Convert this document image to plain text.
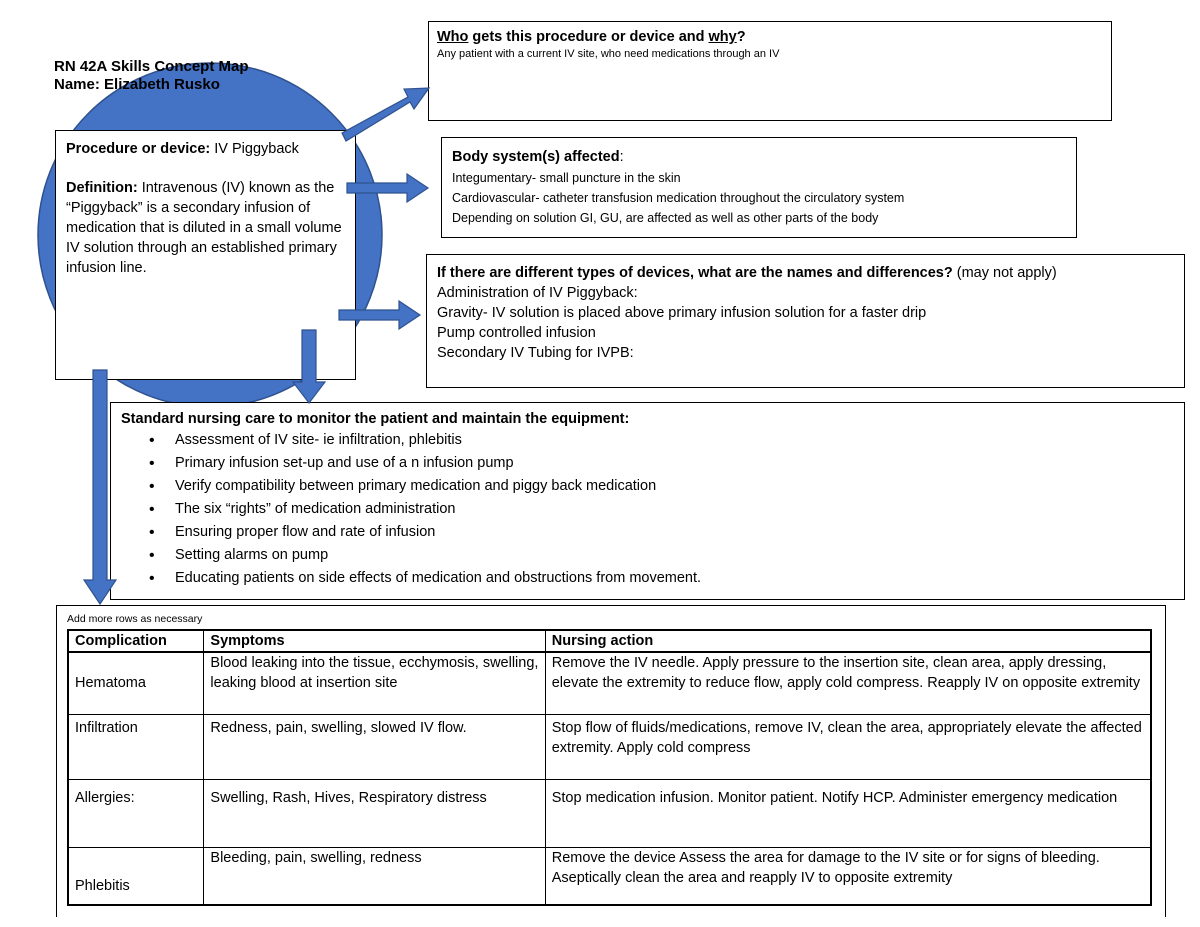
RN 42A Skills Concept Map
Name: Elizabeth Rusko
Procedure or device: IV Piggyback
Definition: Intravenous (IV) known as the “Piggyback” is a secondary infusion of medication that is diluted in a small volume IV solution through an established primary infusion line.
Who gets this procedure or device and why?
Any patient with a current IV site, who need medications through an IV
Body system(s) affected:
Integumentary- small puncture in the skin
Cardiovascular- catheter transfusion medication throughout the circulatory system
Depending on solution GI, GU, are affected as well as other parts of the body
If there are different types of devices, what are the names and differences? (may not apply)
Administration of IV Piggyback:
Gravity- IV solution is placed above primary infusion solution for a faster drip
Pump controlled infusion
Secondary IV Tubing for IVPB:
Standard nursing care to monitor the patient and maintain the equipment:
• Assessment of IV site- ie infiltration, phlebitis
• Primary infusion set-up and use of a n infusion pump
• Verify compatibility between primary medication and piggy back medication
• The six “rights” of medication administration
• Ensuring proper flow and rate of infusion
• Setting alarms on pump
• Educating patients on side effects of medication and obstructions from movement.
Add more rows as necessary
Complication	Symptoms	Nursing action
Hematoma	Blood leaking into the tissue, ecchymosis, swelling, leaking blood at insertion site	Remove the IV needle. Apply pressure to the insertion site, clean area, apply dressing, elevate the extremity to reduce flow, apply cold compress. Reapply IV on opposite extremity
Infiltration	Redness, pain, swelling, slowed IV flow.	Stop flow of fluids/medications, remove IV, clean the area, appropriately elevate the affected extremity. Apply cold compress
Allergies:	Swelling, Rash, Hives, Respiratory distress	Stop medication infusion. Monitor patient. Notify HCP. Administer emergency medication
Phlebitis	Bleeding, pain, swelling, redness	Remove the device Assess the area for damage to the IV site or for signs of bleeding. Aseptically clean the area and reapply IV to opposite extremity
